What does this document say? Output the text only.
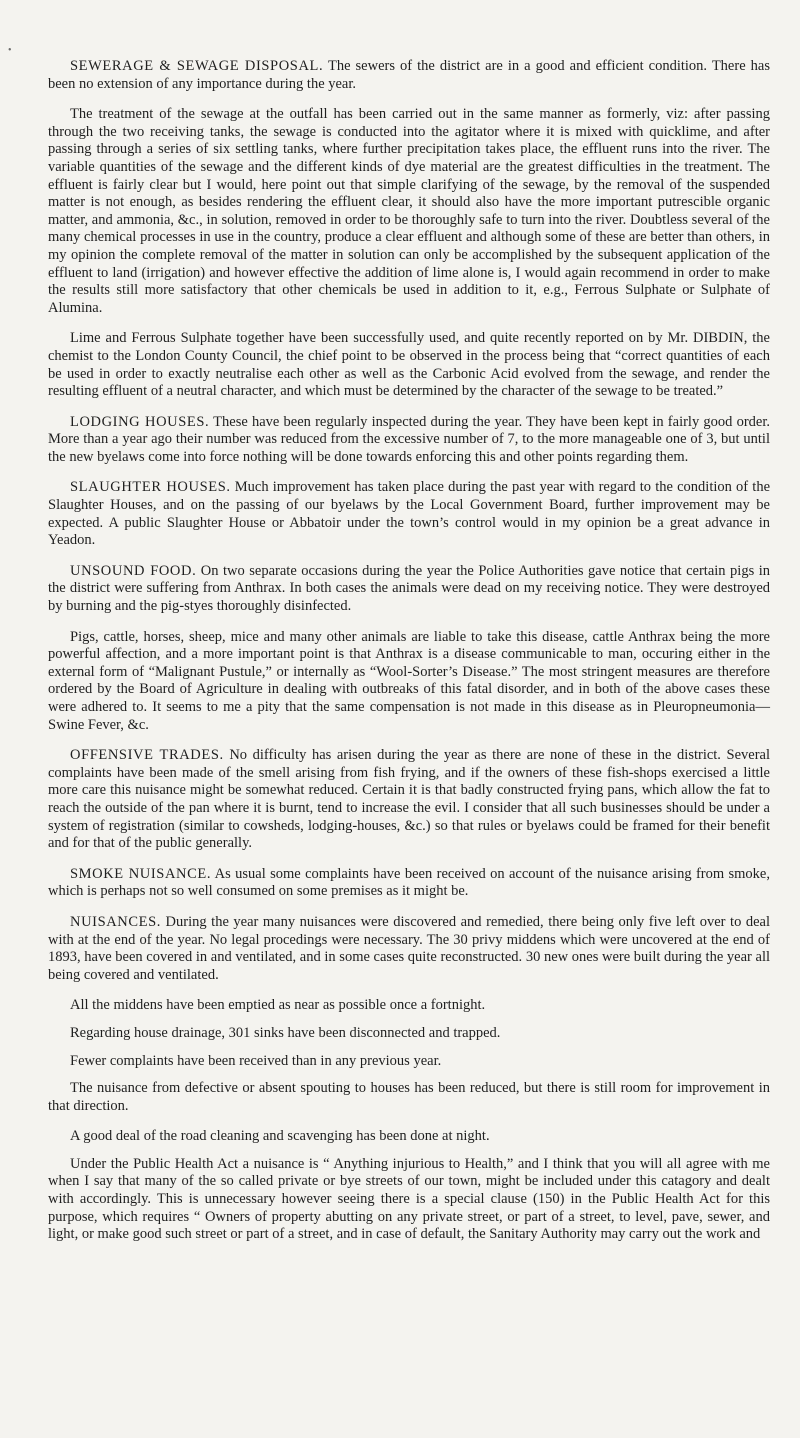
•

SEWERAGE & SEWAGE DISPOSAL. The sewers of the district are in a good and efficient condition. There has been no extension of any importance during the year.

The treatment of the sewage at the outfall has been carried out in the same manner as formerly, viz: after passing through the two receiving tanks, the sewage is conducted into the agitator where it is mixed with quicklime, and after passing through a series of six settling tanks, where further precipitation takes place, the effluent runs into the river. The variable quantities of the sewage and the different kinds of dye material are the greatest difficulties in the treatment. The effluent is fairly clear but I would, here point out that simple clarifying of the sewage, by the removal of the suspended matter is not enough, as besides rendering the effluent clear, it should also have the more important putrescible organic matter, and ammonia, &c., in solution, removed in order to be thoroughly safe to turn into the river. Doubtless several of the many chemical processes in use in the country, produce a clear effluent and although some of these are better than others, in my opinion the complete removal of the matter in solution can only be accomplished by the subsequent application of the effluent to land (irrigation) and however effective the addition of lime alone is, I would again recommend in order to make the results still more satisfactory that other chemicals be used in addition to it, e.g., Ferrous Sulphate or Sulphate of Alumina.

Lime and Ferrous Sulphate together have been successfully used, and quite recently reported on by Mr. DIBDIN, the chemist to the London County Council, the chief point to be observed in the process being that “correct quantities of each be used in order to exactly neutralise each other as well as the Carbonic Acid evolved from the sewage, and render the resulting effluent of a neutral character, and which must be determined by the character of the sewage to be treated.”

LODGING HOUSES. These have been regularly inspected during the year. They have been kept in fairly good order. More than a year ago their number was reduced from the excessive number of 7, to the more manageable one of 3, but until the new byelaws come into force nothing will be done towards enforcing this and other points regarding them.

SLAUGHTER HOUSES. Much improvement has taken place during the past year with regard to the condition of the Slaughter Houses, and on the passing of our byelaws by the Local Government Board, further improvement may be expected. A public Slaughter House or Abbatoir under the town’s control would in my opinion be a great advance in Yeadon.

UNSOUND FOOD. On two separate occasions during the year the Police Authorities gave notice that certain pigs in the district were suffering from Anthrax. In both cases the animals were dead on my receiving notice. They were destroyed by burning and the pig-styes thoroughly disinfected.

Pigs, cattle, horses, sheep, mice and many other animals are liable to take this disease, cattle Anthrax being the more powerful affection, and a more important point is that Anthrax is a disease communicable to man, occuring either in the external form of “Malignant Pustule,” or internally as “Wool-Sorter’s Disease.” The most stringent measures are therefore ordered by the Board of Agriculture in dealing with outbreaks of this fatal disorder, and in both of the above cases these were adhered to. It seems to me a pity that the same compensation is not made in this disease as in Pleuropneumonia—Swine Fever, &c.

OFFENSIVE TRADES. No difficulty has arisen during the year as there are none of these in the district. Several complaints have been made of the smell arising from fish frying, and if the owners of these fish-shops exercised a little more care this nuisance might be somewhat reduced. Certain it is that badly constructed frying pans, which allow the fat to reach the outside of the pan where it is burnt, tend to increase the evil. I consider that all such businesses should be under a system of registration (similar to cowsheds, lodging-houses, &c.) so that rules or byelaws could be framed for their benefit and for that of the public generally.

SMOKE NUISANCE. As usual some complaints have been received on account of the nuisance arising from smoke, which is perhaps not so well consumed on some premises as it might be.

NUISANCES. During the year many nuisances were discovered and remedied, there being only five left over to deal with at the end of the year. No legal procedings were necessary. The 30 privy middens which were uncovered at the end of 1893, have been covered in and ventilated, and in some cases quite reconstructed. 30 new ones were built during the year all being covered and ventilated.

All the middens have been emptied as near as possible once a fortnight.

Regarding house drainage, 301 sinks have been disconnected and trapped.

Fewer complaints have been received than in any previous year.

The nuisance from defective or absent spouting to houses has been reduced, but there is still room for improvement in that direction.

A good deal of the road cleaning and scavenging has been done at night.

Under the Public Health Act a nuisance is “ Anything injurious to Health,” and I think that you will all agree with me when I say that many of the so called private or bye streets of our town, might be included under this catagory and dealt with accordingly. This is unnecessary however seeing there is a special clause (150) in the Public Health Act for this purpose, which requires “ Owners of property abutting on any private street, or part of a street, to level, pave, sewer, and light, or make good such street or part of a street, and in case of default, the Sanitary Authority may carry out the work and
